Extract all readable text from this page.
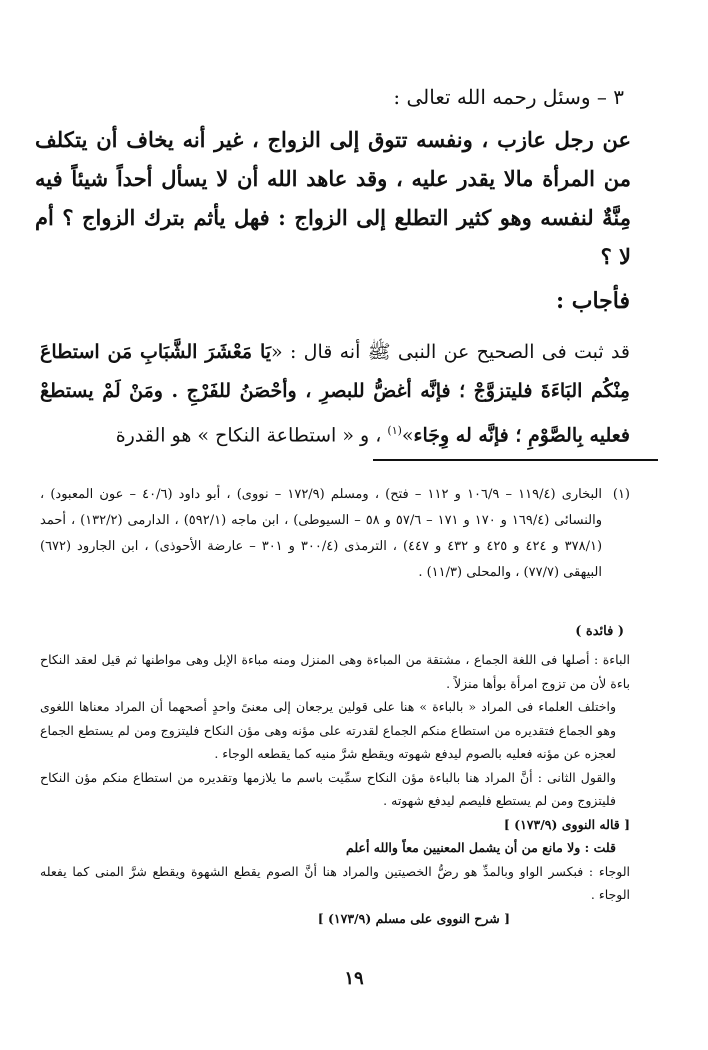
٣ – وسئل رحمه الله تعالى :
عن رجل عازب ، ونفسه تتوق إلى الزواج ، غير أنه يخاف أن يتكلف من المرأة مالا يقدر عليه ، وقد عاهد الله أن لا يسأل أحداً شيئاً فيه مِنَّةٌ لنفسه وهو كثير التطلع إلى الزواج : فهل يأثم بترك الزواج ؟ أم لا ؟
فأجاب :
قد ثبت فى الصحيح عن النبى ﷺ أنه قال : «يَا مَعْشَرَ الشَّبَابِ مَن استطاعَ مِنْكُم البَاءَةَ فليتزوَّجْ ؛ فإنَّه أغضُّ للبصرِ ، وأحْصَنُ للفَرْجِ . ومَنْ لَمْ يستطعْ فعليه بِالصَّوْمِ ؛ فإنَّه له وِجَاء»$^{(١)}$ ، و « استطاعة النكاح » هو القدرة
(١)
البخارى (١١٩/٤ – ١٠٦/٩ و ١١٢ – فتح) ، ومسلم (١٧٢/٩ – نووى) ، أبو داود (٤٠/٦ – عون المعبود) ، والنسائى (١٦٩/٤ و ١٧٠ و ١٧١ – ٥٧/٦ و ٥٨ – السيوطى) ، ابن ماجه (٥٩٢/١) ، الدارمى (١٣٢/٢) ، أحمد (٣٧٨/١ و ٤٢٤ و ٤٢٥ و ٤٣٢ و ٤٤٧) ، الترمذى (٣٠٠/٤ و ٣٠١ – عارضة الأحوذى) ، ابن الجارود (٦٧٢) البيهقى (٧٧/٧) ، والمحلى (١١/٣) .
( فائدة )

الباءة : أصلها فى اللغة الجماع ، مشتقة من المباءة وهى المنزل ومنه مباءة الإبل وهى مواطنها ثم قيل لعقد النكاح باءة لأن من تزوج امرأة بوأها منزلاً .

واختلف العلماء فى المراد « بالباءة » هنا على قولين يرجعان إلى معنىً واحدٍ أصحهما أن المراد معناها اللغوى وهو الجماع فتقديره من استطاع منكم الجماع لقدرته على مؤنه وهى مؤن النكاح فليتزوج ومن لم يستطع الجماع لعجزه عن مؤنه فعليه بالصوم ليدفع شهوته ويقطع شرَّ منيه كما يقطعه الوجاء .

والقول الثانى : أنَّ المراد هنا بالباءة مؤن النكاح سمِّيت باسم ما يلازمها وتقديره من استطاع منكم مؤن النكاح فليتزوج ومن لم يستطع فليصم ليدفع شهوته .

[ قاله النووى (١٧٣/٩) ]

قلت : ولا مانع من أن يشمل المعنيين معاً والله أعلم

الوجاء : فبكسر الواو وبالمدِّ هو رضُّ الخصيتين والمراد هنا أنَّ الصوم يقطع الشهوة ويقطع شرَّ المنى كما يفعله الوجاء .

[ شرح النووى على مسلم (١٧٣/٩) ]

١٩
